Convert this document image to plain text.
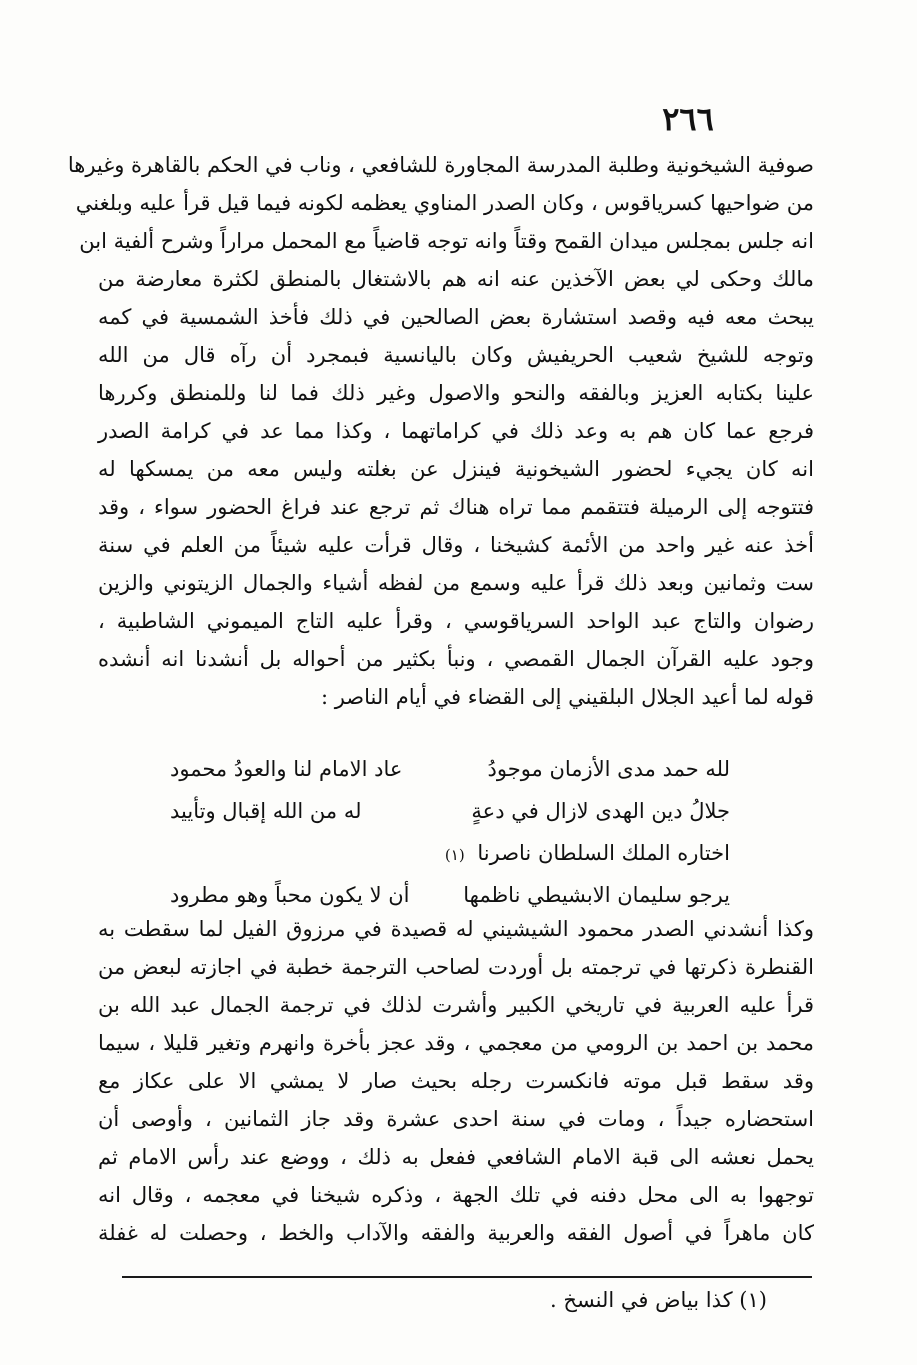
٢٦٦
صوفية الشيخونية وطلبة المدرسة المجاورة للشافعي ، وناب في الحكم بالقاهرة وغيرها
من ضواحيها كسرياقوس ، وكان الصدر المناوي يعظمه لكونه فيما قيل قرأ عليه وبلغني
انه جلس بمجلس ميدان القمح وقتاً وانه توجه قاضياً مع المحمل مراراً وشرح ألفية ابن
مالك وحكى لي بعض الآخذين عنه انه هم بالاشتغال بالمنطق لكثرة معارضة من
يبحث معه فيه وقصد استشارة بعض الصالحين في ذلك فأخذ الشمسية في كمه
وتوجه للشيخ شعيب الحريفيش وكان باليانسية فبمجرد أن رآه قال من الله
علينا بكتابه العزيز وبالفقه والنحو والاصول وغير ذلك فما لنا وللمنطق وكررها
فرجع عما كان هم به وعد ذلك في كراماتهما ، وكذا مما عد في كرامة الصدر
انه كان يجيء لحضور الشيخونية فينزل عن بغلته وليس معه من يمسكها له
فتتوجه إلى الرميلة فتتقمم مما تراه هناك ثم ترجع عند فراغ الحضور سواء ، وقد
أخذ عنه غير واحد من الأئمة كشيخنا ، وقال قرأت عليه شيئاً من العلم في سنة
ست وثمانين وبعد ذلك قرأ عليه وسمع من لفظه أشياء والجمال الزيتوني والزين
رضوان والتاج عبد الواحد السرياقوسي ، وقرأ عليه التاج الميموني الشاطبية ،
وجود عليه القرآن الجمال القمصي ، ونبأ بكثير من أحواله بل أنشدنا انه أنشده
قوله لما أعيد الجلال البلقيني إلى القضاء في أيام الناصر :
لله حمد مدى الأزمان موجودُ
عاد الامام لنا والعودُ محمود
جلالُ دين الهدى لازال في دعةٍ
له من الله إقبال وتأييد
اختاره الملك السلطان ناصرنا (١)
يرجو سليمان الابشيطي ناظمها
أن لا يكون محباً وهو مطرود
وكذا أنشدني الصدر محمود الشيشيني له قصيدة في مرزوق الفيل لما سقطت به
القنطرة ذكرتها في ترجمته بل أوردت لصاحب الترجمة خطبة في اجازته لبعض من
قرأ عليه العربية في تاريخي الكبير وأشرت لذلك في ترجمة الجمال عبد الله بن
محمد بن احمد بن الرومي من معجمي ، وقد عجز بأخرة وانهرم وتغير قليلا ، سيما
وقد سقط قبل موته فانكسرت رجله بحيث صار لا يمشي الا على عكاز مع
استحضاره جيداً ، ومات في سنة احدى عشرة وقد جاز الثمانين ، وأوصى أن
يحمل نعشه الى قبة الامام الشافعي ففعل به ذلك ، ووضع عند رأس الامام ثم
توجهوا به الى محل دفنه في تلك الجهة ، وذكره شيخنا في معجمه ، وقال انه
كان ماهراً في أصول الفقه والعربية والفقه والآداب والخط ، وحصلت له غفلة
(١) كذا بياض في النسخ .
